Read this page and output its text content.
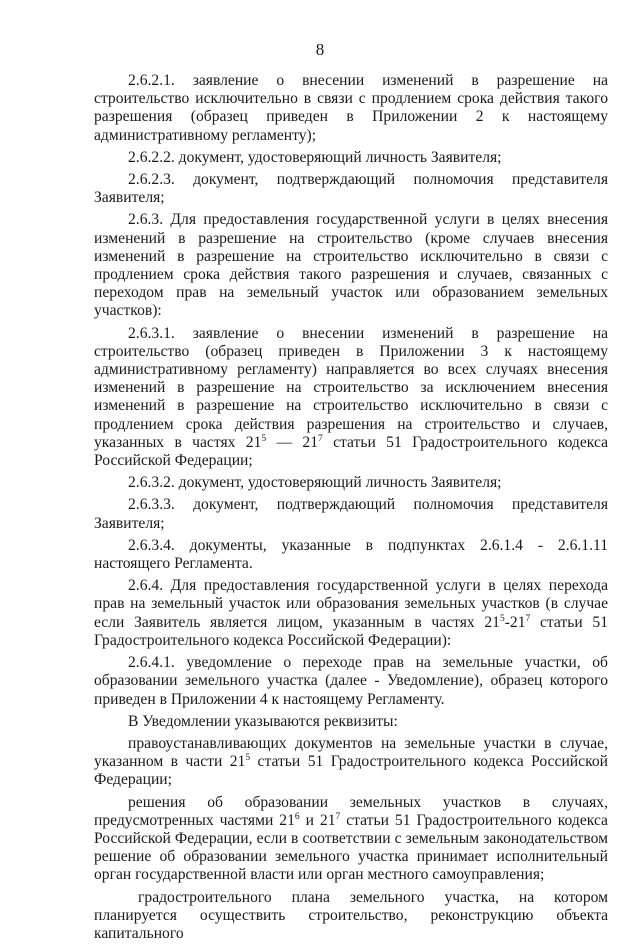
8

2.6.2.1. заявление о внесении изменений в разрешение на строительство исключительно в связи с продлением срока действия такого разрешения (образец приведен в Приложении 2 к настоящему административному регламенту);

2.6.2.2. документ, удостоверяющий личность Заявителя;

2.6.2.3. документ, подтверждающий полномочия представителя Заявителя;

2.6.3. Для предоставления государственной услуги в целях внесения изменений в разрешение на строительство (кроме случаев внесения изменений в разрешение на строительство исключительно в связи с продлением срока действия такого разрешения и случаев, связанных с переходом прав на земельный участок или образованием земельных участков):

2.6.3.1. заявление о внесении изменений в разрешение на строительство (образец приведен в Приложении 3 к настоящему административному регламенту) направляется во всех случаях внесения изменений в разрешение на строительство за исключением внесения изменений в разрешение на строительство исключительно в связи с продлением срока действия разрешения на строительство и случаев, указанных в частях $21^5$ — $21^7$ статьи 51 Градостроительного кодекса Российской Федерации;

2.6.3.2. документ, удостоверяющий личность Заявителя;

2.6.3.3. документ, подтверждающий полномочия представителя Заявителя;

2.6.3.4. документы, указанные в подпунктах 2.6.1.4 - 2.6.1.11 настоящего Регламента.

2.6.4. Для предоставления государственной услуги в целях перехода прав на земельный участок или образования земельных участков (в случае если Заявитель является лицом, указанным в частях $21^5-21^7$ статьи 51 Градостроительного кодекса Российской Федерации):

2.6.4.1. уведомление о переходе прав на земельные участки, об образовании земельного участка (далее - Уведомление), образец которого приведен в Приложении 4 к настоящему Регламенту.

В Уведомлении указываются реквизиты:

правоустанавливающих документов на земельные участки в случае, указанном в части $21^5$ статьи 51 Градостроительного кодекса Российской Федерации;

решения об образовании земельных участков в случаях, предусмотренных частями $21^6$ и $21^7$ статьи 51 Градостроительного кодекса Российской Федерации, если в соответствии с земельным законодательством решение об образовании земельного участка принимает исполнительный орган государственной власти или орган местного самоуправления;

градостроительного плана земельного участка, на котором планируется осуществить строительство, реконструкцию объекта капитального
